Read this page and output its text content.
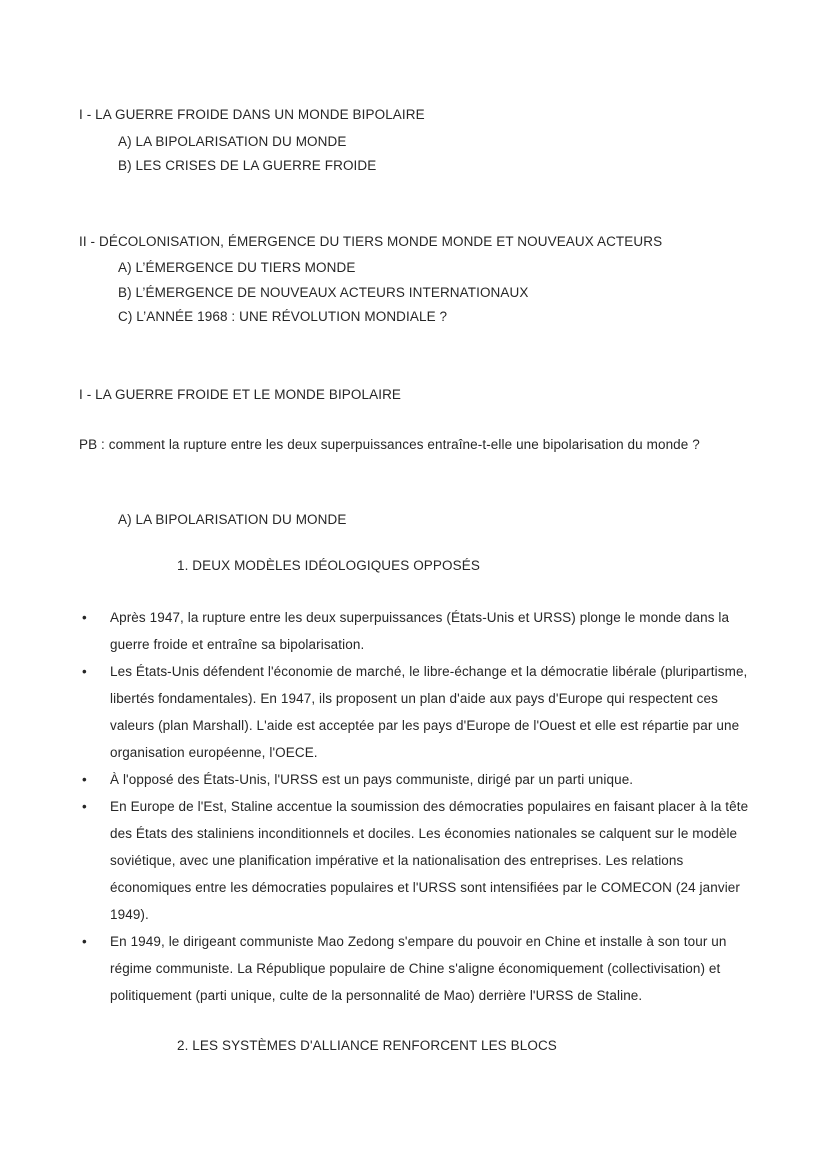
I - LA GUERRE FROIDE DANS UN MONDE BIPOLAIRE
A) LA BIPOLARISATION DU MONDE
B) LES CRISES DE LA GUERRE FROIDE
II - DÉCOLONISATION, ÉMERGENCE DU TIERS MONDE MONDE ET NOUVEAUX ACTEURS
A) L’ÉMERGENCE DU TIERS MONDE
B) L’ÉMERGENCE DE NOUVEAUX ACTEURS INTERNATIONAUX
C) L’ANNÉE 1968 : UNE RÉVOLUTION MONDIALE ?
I - LA GUERRE FROIDE ET LE MONDE BIPOLAIRE
PB : comment la rupture entre les deux superpuissances entraîne-t-elle une bipolarisation du monde ?
A) LA BIPOLARISATION DU MONDE
1. DEUX MODÈLES IDÉOLOGIQUES OPPOSÉS
• Après 1947, la rupture entre les deux superpuissances (États-Unis et URSS) plonge le monde dans la guerre froide et entraîne sa bipolarisation.
• Les États-Unis défendent l'économie de marché, le libre-échange et la démocratie libérale (pluripartisme, libertés fondamentales). En 1947, ils proposent un plan d'aide aux pays d'Europe qui respectent ces valeurs (plan Marshall). L'aide est acceptée par les pays d'Europe de l'Ouest et elle est répartie par une organisation européenne, l'OECE.
• À l'opposé des États-Unis, l'URSS est un pays communiste, dirigé par un parti unique.
• En Europe de l'Est, Staline accentue la soumission des démocraties populaires en faisant placer à la tête des États des staliniens inconditionnels et dociles. Les économies nationales se calquent sur le modèle soviétique, avec une planification impérative et la nationalisation des entreprises. Les relations économiques entre les démocraties populaires et l'URSS sont intensifiées par le COMECON (24 janvier 1949).
• En 1949, le dirigeant communiste Mao Zedong s'empare du pouvoir en Chine et installe à son tour un régime communiste. La République populaire de Chine s'aligne économiquement (collectivisation) et politiquement (parti unique, culte de la personnalité de Mao) derrière l'URSS de Staline.
2. LES SYSTÈMES D'ALLIANCE RENFORCENT LES BLOCS
